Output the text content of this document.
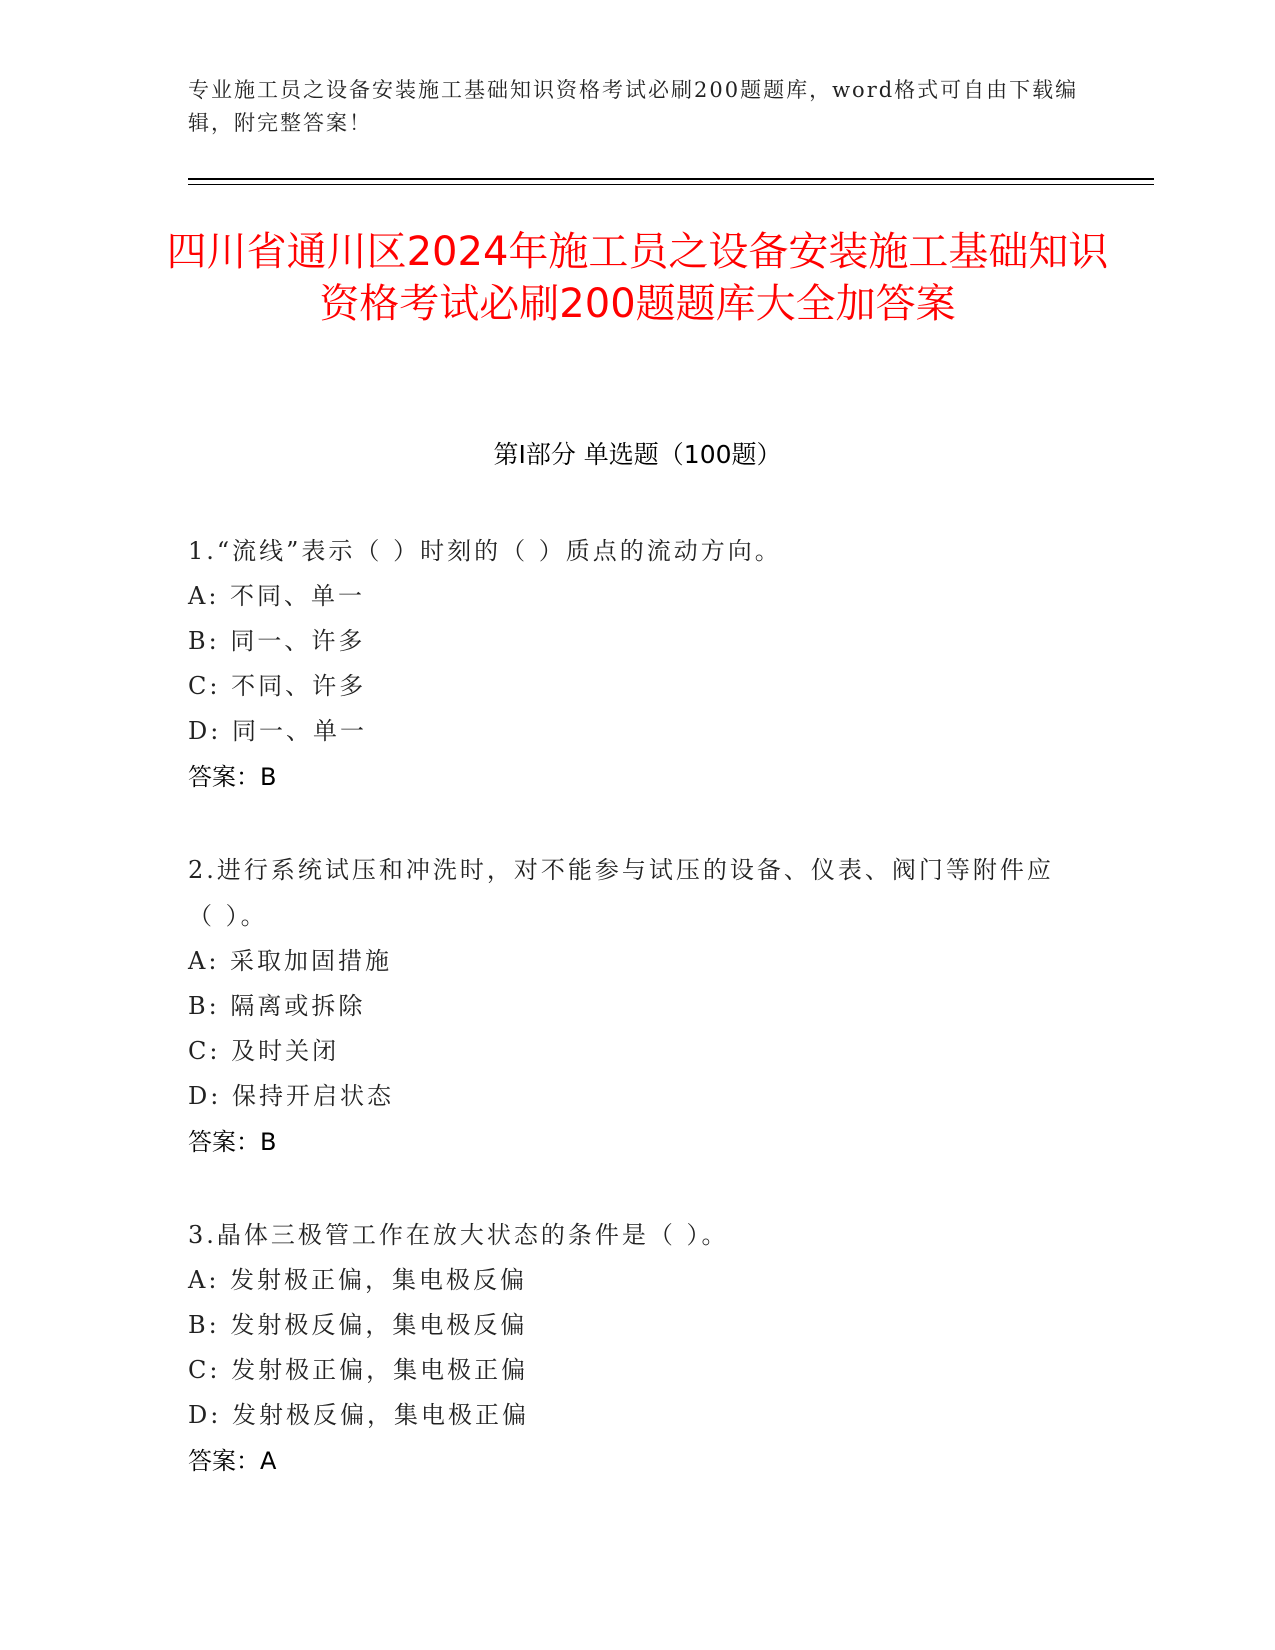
专业施工员之设备安装施工基础知识资格考试必刷200题题库，word格式可自由下载编辑，附完整答案！
四川省通川区2024年施工员之设备安装施工基础知识资格考试必刷200题题库大全加答案
第I部分 单选题（100题）
1.“流线”表示（ ）时刻的（ ）质点的流动方向。
A: 不同、单一
B: 同一、许多
C: 不同、许多
D: 同一、单一
答案：B
2.进行系统试压和冲洗时，对不能参与试压的设备、仪表、阀门等附件应（ ）。
A: 采取加固措施
B: 隔离或拆除
C: 及时关闭
D: 保持开启状态
答案：B
3.晶体三极管工作在放大状态的条件是（ ）。
A: 发射极正偏，集电极反偏
B: 发射极反偏，集电极反偏
C: 发射极正偏，集电极正偏
D: 发射极反偏，集电极正偏
答案：A
